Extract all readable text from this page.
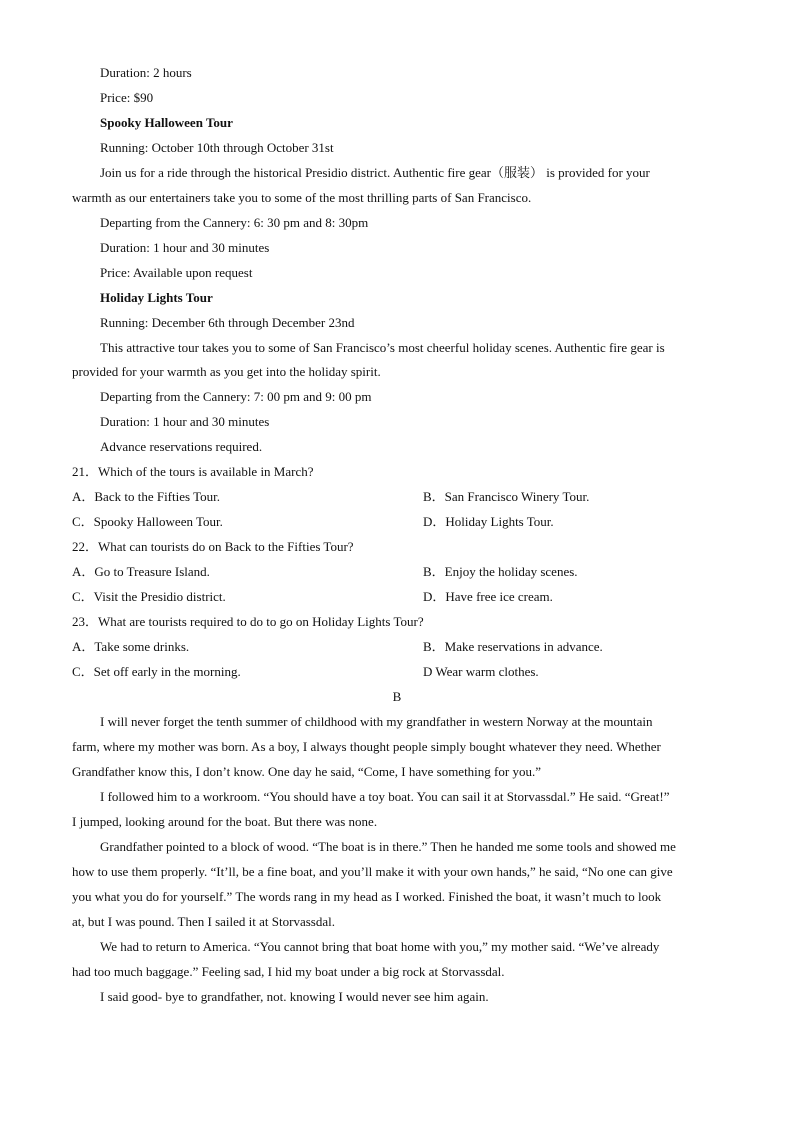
Duration: 2 hours
Price: $90
Spooky Halloween Tour
Running: October 10th through October 31st
Join us for a ride through the historical Presidio district. Authentic fire gear（服装） is provided for your
warmth as our entertainers take you to some of the most thrilling parts of San Francisco.
Departing from the Cannery: 6: 30 pm and 8: 30pm
Duration: 1 hour and 30 minutes
Price: Available upon request
Holiday Lights Tour
Running: December 6th through December 23nd
This attractive tour takes you to some of San Francisco’s most cheerful holiday scenes. Authentic fire gear is
provided for your warmth as you get into the holiday spirit.
Departing from the Cannery: 7: 00 pm and 9: 00 pm
Duration: 1 hour and 30 minutes
Advance reservations required.
21．Which of the tours is available in March?
A．Back to the Fifties Tour.	B．San Francisco Winery Tour.
C．Spooky Halloween Tour.	D．Holiday Lights Tour.
22．What can tourists do on Back to the Fifties Tour?
A．Go to Treasure Island.	B．Enjoy the holiday scenes.
C．Visit the Presidio district.	D．Have free ice cream.
23．What are tourists required to do to go on Holiday Lights Tour?
A．Take some drinks.	B．Make reservations in advance.
C．Set off early in the morning.	D Wear warm clothes.
B
I will never forget the tenth summer of childhood with my grandfather in western Norway at the mountain
farm, where my mother was born. As a boy, I always thought people simply bought whatever they need. Whether
Grandfather know this, I don’t know. One day he said, “Come, I have something for you.”
I followed him to a workroom. “You should have a toy boat. You can sail it at Storvassdal.” He said. “Great!”
I jumped, looking around for the boat. But there was none.
Grandfather pointed to a block of wood. “The boat is in there.” Then he handed me some tools and showed me
how to use them properly. “It’ll, be a fine boat, and you’ll make it with your own hands,” he said, “No one can give
you what you do for yourself.” The words rang in my head as I worked. Finished the boat, it wasn’t much to look
at, but I was pound. Then I sailed it at Storvassdal.
We had to return to America. “You cannot bring that boat home with you,” my mother said. “We’ve already
had too much baggage.” Feeling sad, I hid my boat under a big rock at Storvassdal.
I said good- bye to grandfather, not. knowing I would never see him again.
